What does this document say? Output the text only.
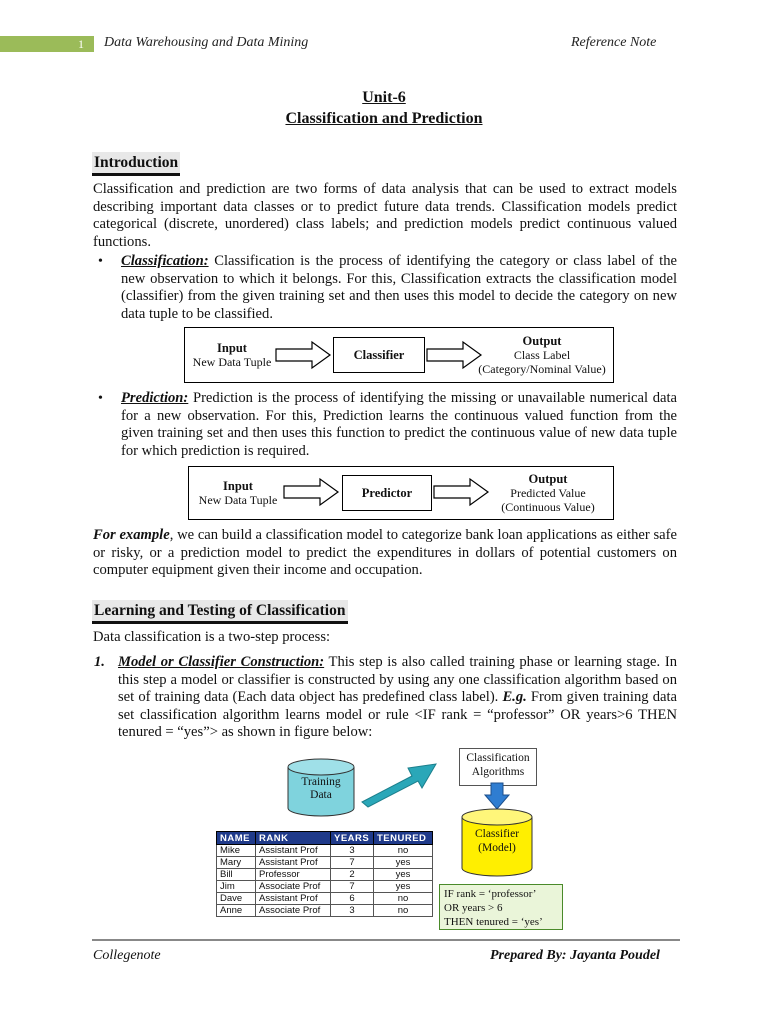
1 Data Warehousing and Data Mining	Reference Note
Unit-6
Classification and Prediction
Introduction
Classification and prediction are two forms of data analysis that can be used to extract models describing important data classes or to predict future data trends. Classification models predict categorical (discrete, unordered) class labels; and prediction models predict continuous valued functions.
• Classification: Classification is the process of identifying the category or class label of the new observation to which it belongs. For this, Classification extracts the classification model (classifier) from the given training set and then uses this model to decide the category on new data tuple to be classified.
Input
New Data Tuple	Classifier
Output
Class Label
(Category/Nominal Value)
• Prediction: Prediction is the process of identifying the missing or unavailable numerical data for a new observation. For this, Prediction learns the continuous valued function from the given training set and then uses this function to predict the continuous value of new data tuple for which prediction is required.
Input
New Data Tuple	Predictor
Output
Predicted Value
(Continuous Value)
For example, we can build a classification model to categorize bank loan applications as either safe or risky, or a prediction model to predict the expenditures in dollars of potential customers on computer equipment given their income and occupation.
Learning and Testing of Classification
Data classification is a two-step process:
1. Model or Classifier Construction: This step is also called training phase or learning stage. In this step a model or classifier is constructed by using any one classification algorithm based on set of training data (Each data object has predefined class label). E.g. From given training data set classification algorithm learns model or rule <IF rank = “professor” OR years>6 THEN tenured = “yes”> as shown in figure below:
Training
Data
Classification
Algorithms
Classifier
(Model)
IF rank = ‘professor’
OR years > 6
THEN tenured = ‘yes’
NAME	RANK	YEARS	TENURED
Mike	Assistant Prof	3	no
Mary	Assistant Prof	7	yes
Bill	Professor	2	yes
Jim	Associate Prof	7	yes
Dave	Assistant Prof	6	no
Anne	Associate Prof	3	no
Collegenote	Prepared By: Jayanta Poudel
